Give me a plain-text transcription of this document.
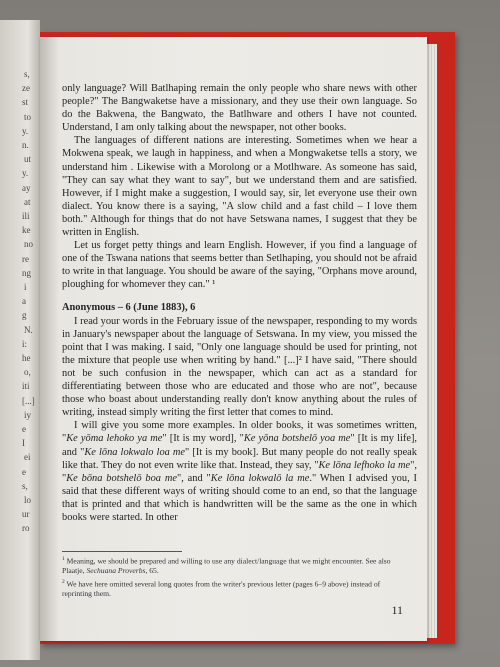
s,
ze
st
to
y.
n.
ut
y.
ay
at
ili
ke
no
re
ng
i
a
g
N.
i:
he
o,
iti
[...]
iy
e
I
ei
e
s,
lo
ur
ro

only language? Will Batlhaping remain the only people who share news with other people?" The Bangwaketse have a missionary, and they use their own language. So do the Bakwena, the Bangwato, the Batlhware and others I have not counted. Understand, I am only talking about the newspaper, not other books.

The languages of different nations are interesting. Sometimes when we hear a Mokwena speak, we laugh in happiness, and when a Mongwaketse tells a story, we understand him . Likewise with a Morolong or a Motlhware. As someone has said, "They can say what they want to say", but we understand them and are satisfied. However, if I might make a suggestion, I would say, sir, let everyone use their own dialect. You know there is a saying, "A slow child and a fast child – I love them both." Although for things that do not have Setswana names, I suggest that they be written in English.

Let us forget petty things and learn English. However, if you find a language of one of the Tswana nations that seems better than Setlhaping, you should not be afraid to write in that language. You should be aware of the saying, "Orphans move around, ploughing for whomever they can." ¹

Anonymous – 6 (June 1883), 6

I read your words in the February issue of the newspaper, responding to my words in January's newspaper about the language of Setswana. In my view, you missed the point that I was making. I said, "Only one language should be used for printing, not the mixture that people use when writing by hand." [...]² I have said, "There should not be such confusion in the newspaper, which can act as a standard for differentiating between those who are educated and those who are not", because those who boast about understanding really don't know anything about the rules of writing, instead simply writing the first letter that comes to mind.

I will give you some more examples. In older books, it was sometimes written, "Ke yōma lehoko ya me" [It is my word], "Ke yōna botshelō yoa me" [It is my life], and "Ke lōna lokwalo loa me" [It is my book]. But many people do not really speak like that. They do not even write like that. Instead, they say, "Ke lōna lefhoko la me", "Ke bōna botshelō boa me", and "Ke lōna lokwalō la me." When I advised you, I said that these different ways of writing should come to an end, so that the language that is printed and that which is handwritten will be the same as the one in which books were started. In other

$^1$ Meaning, we should be prepared and willing to use any dialect/language that we might encounter. See also Plaatje, Sechuana Proverbs, 65.

$^2$ We have here omitted several long quotes from the writer's previous letter (pages 6–9 above) instead of reprinting them.

11
